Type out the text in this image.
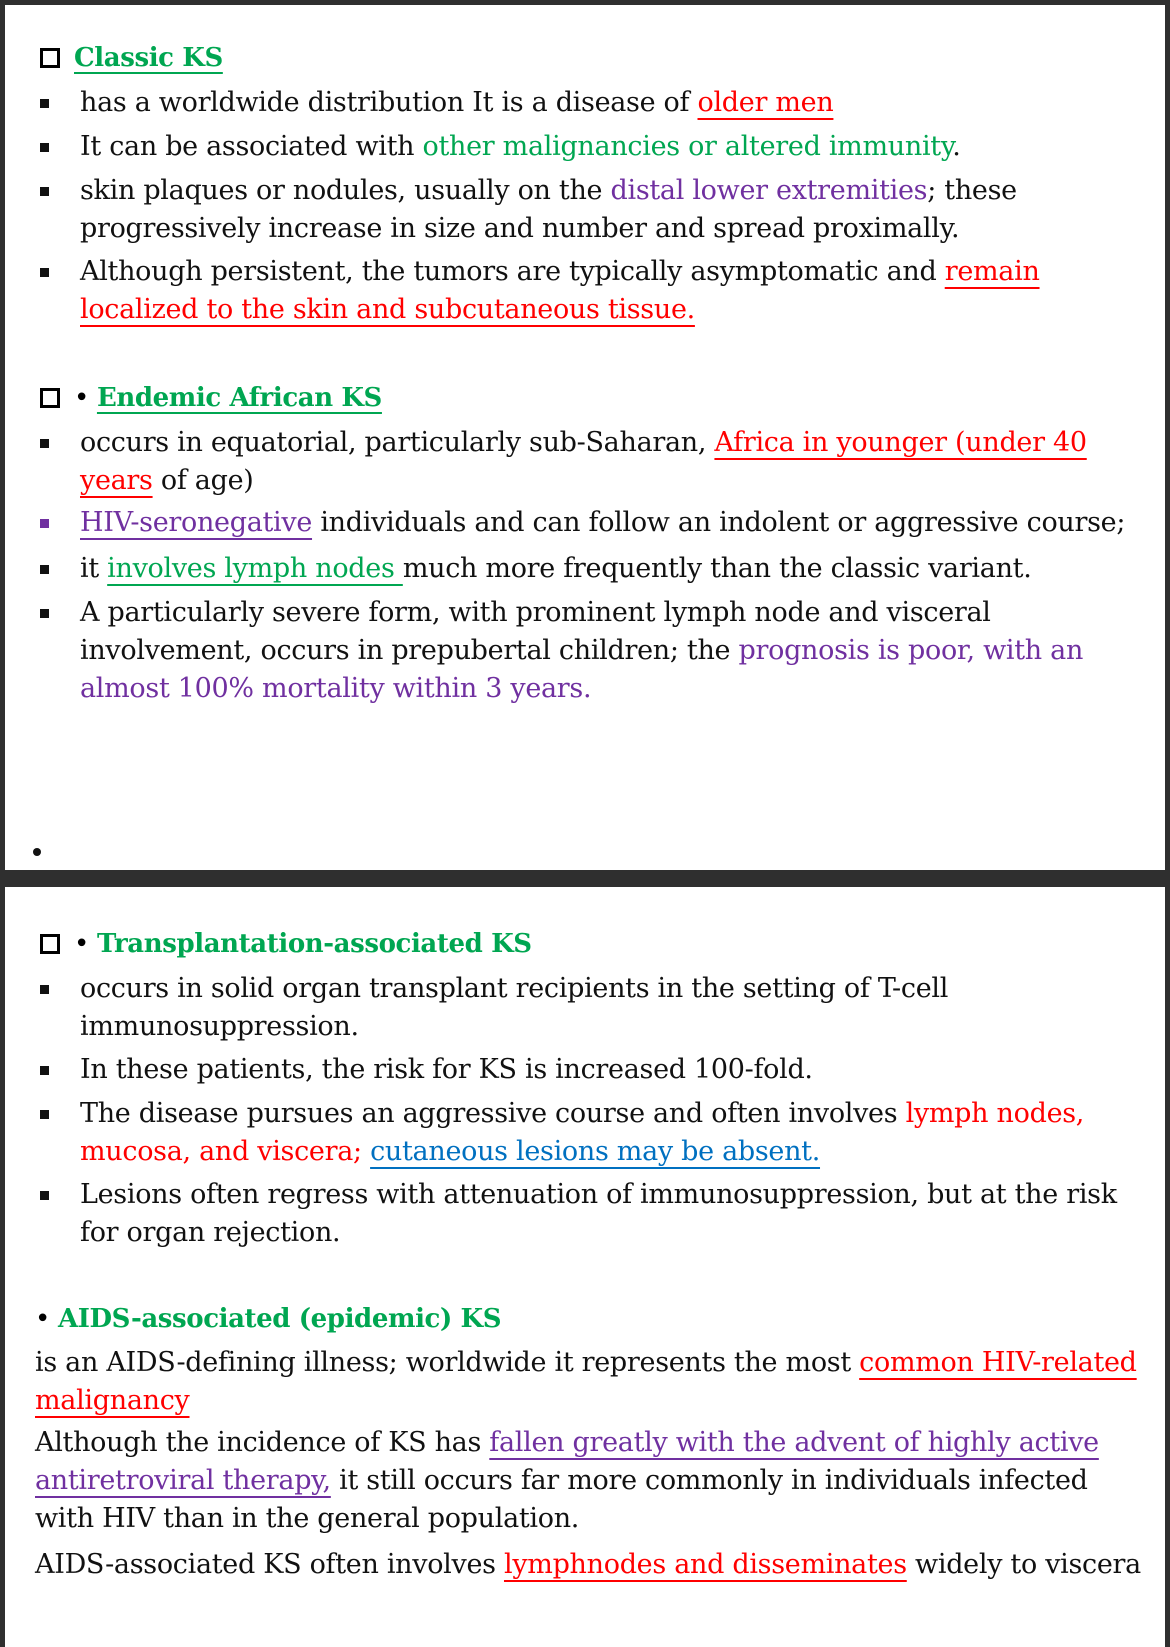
Classic KS
has a worldwide distribution It is a disease of older men
It can be associated with other malignancies or altered immunity.
skin plaques or nodules, usually on the distal lower extremities; these progressively increase in size and number and spread proximally.
Although persistent, the tumors are typically asymptomatic and remain localized to the skin and subcutaneous tissue.
• Endemic African KS
occurs in equatorial, particularly sub-Saharan, Africa in younger (under 40 years of age)
HIV-seronegative individuals and can follow an indolent or aggressive course;
it involves lymph nodes much more frequently than the classic variant.
A particularly severe form, with prominent lymph node and visceral involvement, occurs in prepubertal children; the prognosis is poor, with an almost 100% mortality within 3 years.
• Transplantation-associated KS
occurs in solid organ transplant recipients in the setting of T-cell immunosuppression.
In these patients, the risk for KS is increased 100-fold.
The disease pursues an aggressive course and often involves lymph nodes, mucosa, and viscera; cutaneous lesions may be absent.
Lesions often regress with attenuation of immunosuppression, but at the risk for organ rejection.
• AIDS-associated (epidemic) KS
is an AIDS-defining illness; worldwide it represents the most common HIV-related malignancy
Although the incidence of KS has fallen greatly with the advent of highly active antiretroviral therapy, it still occurs far more commonly in individuals infected with HIV than in the general population.
AIDS-associated KS often involves lymphnodes and disseminates widely to viscera
